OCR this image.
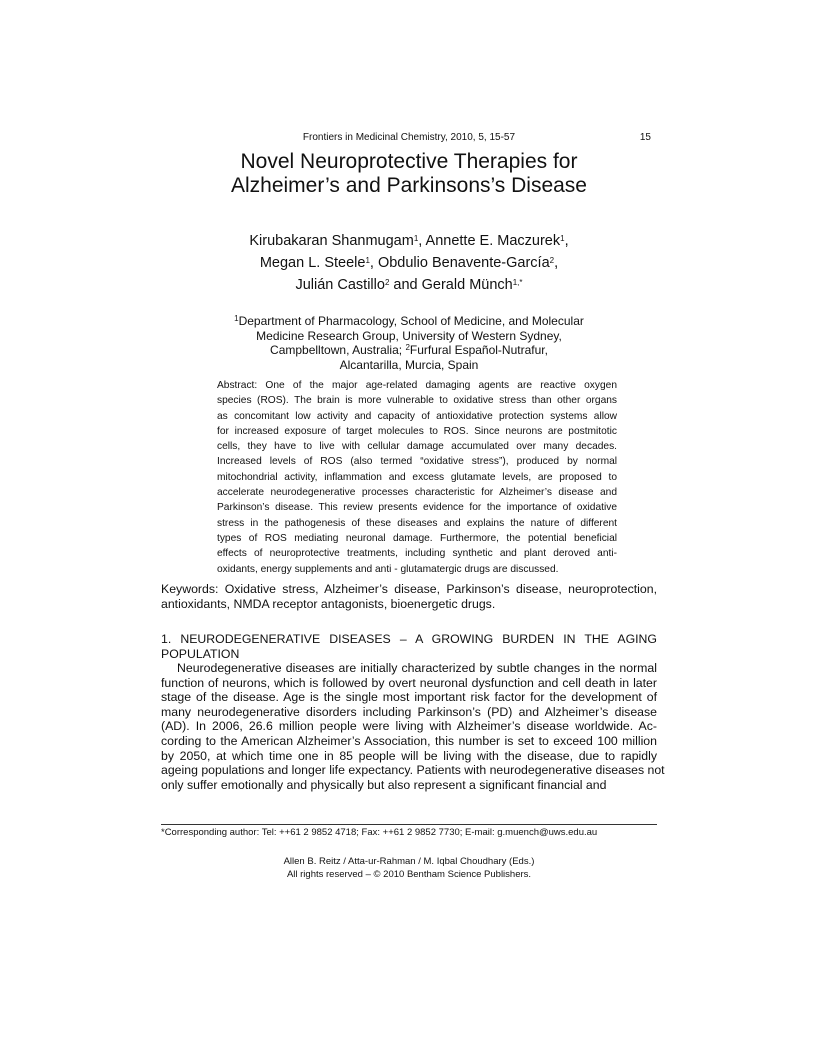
Frontiers in Medicinal Chemistry, 2010, 5, 15-57	15
Novel Neuroprotective Therapies for
Alzheimer’s and Parkinsons’s Disease
Kirubakaran Shanmugam$^1$, Annette E. Maczurek$^1$,
Megan L. Steele$^1$, Obdulio Benavente-García$^2$,
Julián Castillo$^2$ and Gerald Münch$^{1,*}$
$^1$Department of Pharmacology, School of Medicine, and Molecular
Medicine Research Group, University of Western Sydney,
Campbelltown, Australia; $^2$Furfural Español-Nutrafur,
Alcantarilla, Murcia, Spain
Abstract: One of the major age-related damaging agents are reactive oxygen
species (ROS). The brain is more vulnerable to oxidative stress than other organs
as concomitant low activity and capacity of antioxidative protection systems allow
for increased exposure of target molecules to ROS. Since neurons are postmitotic
cells, they have to live with cellular damage accumulated over many decades.
Increased levels of ROS (also termed “oxidative stress”), produced by normal
mitochondrial activity, inflammation and excess glutamate levels, are proposed to
accelerate neurodegenerative processes characteristic for Alzheimer’s disease and
Parkinson’s disease. This review presents evidence for the importance of oxidative
stress in the pathogenesis of these diseases and explains the nature of different
types of ROS mediating neuronal damage. Furthermore, the potential beneficial
effects of neuroprotective treatments, including synthetic and plant deroved anti-
oxidants, energy supplements and anti - glutamatergic drugs are discussed.
Keywords: Oxidative stress, Alzheimer’s disease, Parkinson’s disease, neuroprotection,
antioxidants, NMDA receptor antagonists, bioenergetic drugs.
1. NEURODEGENERATIVE DISEASES – A GROWING BURDEN IN THE AGING
POPULATION
Neurodegenerative diseases are initially characterized by subtle changes in the normal
function of neurons, which is followed by overt neuronal dysfunction and cell death in later
stage of the disease. Age is the single most important risk factor for the development of
many neurodegenerative disorders including Parkinson’s (PD) and Alzheimer’s disease
(AD). In 2006, 26.6 million people were living with Alzheimer’s disease worldwide. Ac-
cording to the American Alzheimer’s Association, this number is set to exceed 100 million
by 2050, at which time one in 85 people will be living with the disease, due to rapidly
ageing populations and longer life expectancy. Patients with neurodegenerative diseases not
only suffer emotionally and physically but also represent a significant financial and
*Corresponding author: Tel: ++61 2 9852 4718; Fax: ++61 2 9852 7730; E-mail: g.muench@uws.edu.au
Allen B. Reitz / Atta-ur-Rahman / M. Iqbal Choudhary (Eds.)
All rights reserved – © 2010 Bentham Science Publishers.
